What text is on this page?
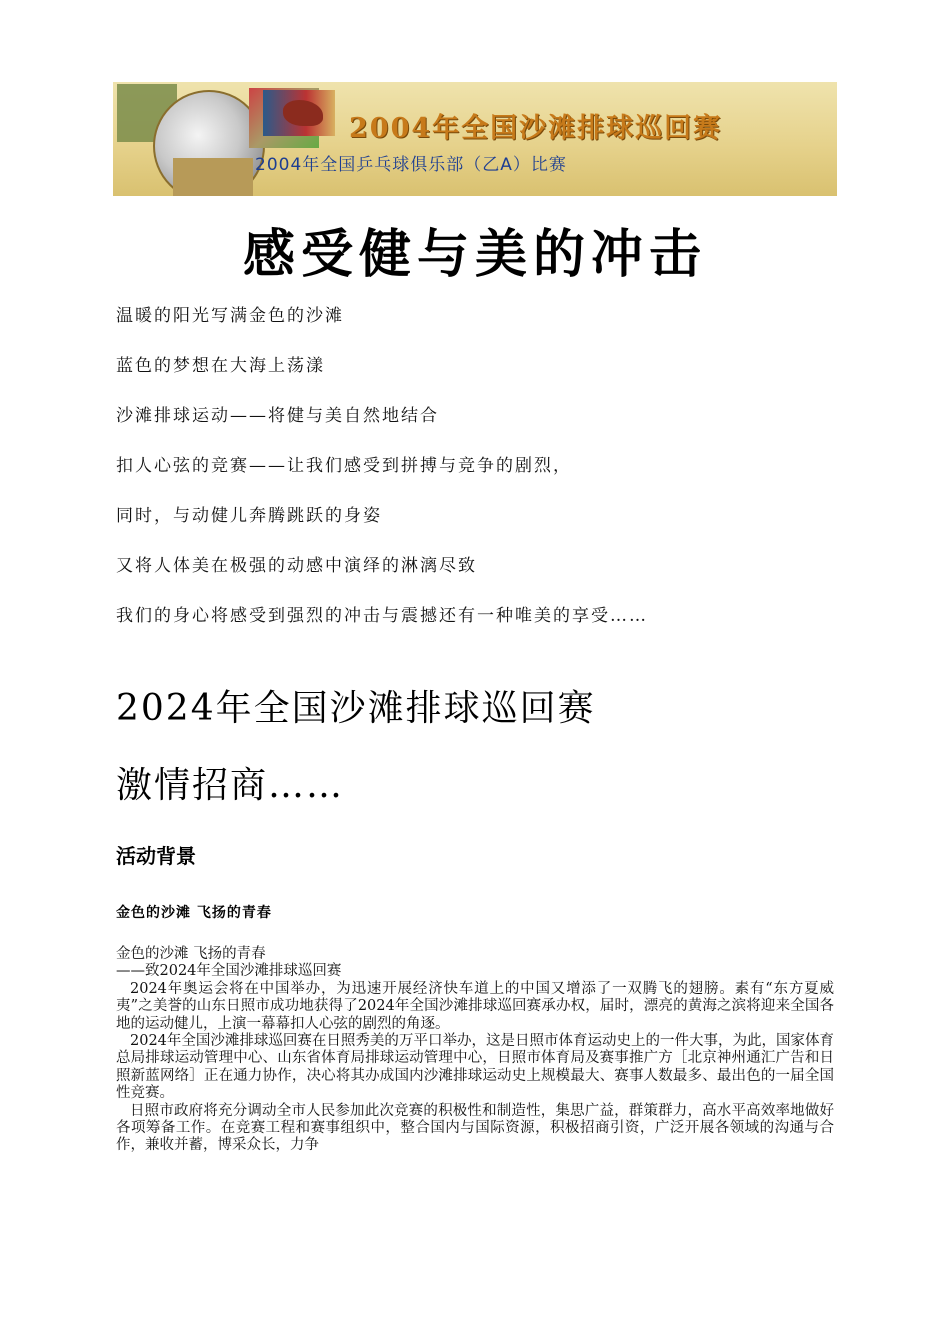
2004年全国沙滩排球巡回赛
2004年全国乒乓球俱乐部（乙A）比赛
感受健与美的冲击
温暖的阳光写满金色的沙滩
蓝色的梦想在大海上荡漾
沙滩排球运动——将健与美自然地结合
扣人心弦的竞赛——让我们感受到拼搏与竞争的剧烈，
同时，与动健儿奔腾跳跃的身姿
又将人体美在极强的动感中演绎的淋漓尽致
我们的身心将感受到强烈的冲击与震撼还有一种唯美的享受……
2024年全国沙滩排球巡回赛
激情招商……
活动背景
金色的沙滩 飞扬的青春

金色的沙滩 飞扬的青春

——致2024年全国沙滩排球巡回赛

2024年奥运会将在中国举办，为迅速开展经济快车道上的中国又增添了一双腾飞的翅膀。素有“东方夏威夷”之美誉的山东日照市成功地获得了2024年全国沙滩排球巡回赛承办权，届时，漂亮的黄海之滨将迎来全国各地的运动健儿，上演一幕幕扣人心弦的剧烈的角逐。

2024年全国沙滩排球巡回赛在日照秀美的万平口举办，这是日照市体育运动史上的一件大事，为此，国家体育总局排球运动管理中心、山东省体育局排球运动管理中心，日照市体育局及赛事推广方［北京神州通汇广告和日照新蓝网络］正在通力协作，决心将其办成国内沙滩排球运动史上规模最大、赛事人数最多、最出色的一届全国性竞赛。

日照市政府将充分调动全市人民参加此次竞赛的积极性和制造性，集思广益，群策群力，高水平高效率地做好各项筹备工作。在竞赛工程和赛事组织中，整合国内与国际资源，积极招商引资，广泛开展各领域的沟通与合作，兼收并蓄，博采众长，力争
